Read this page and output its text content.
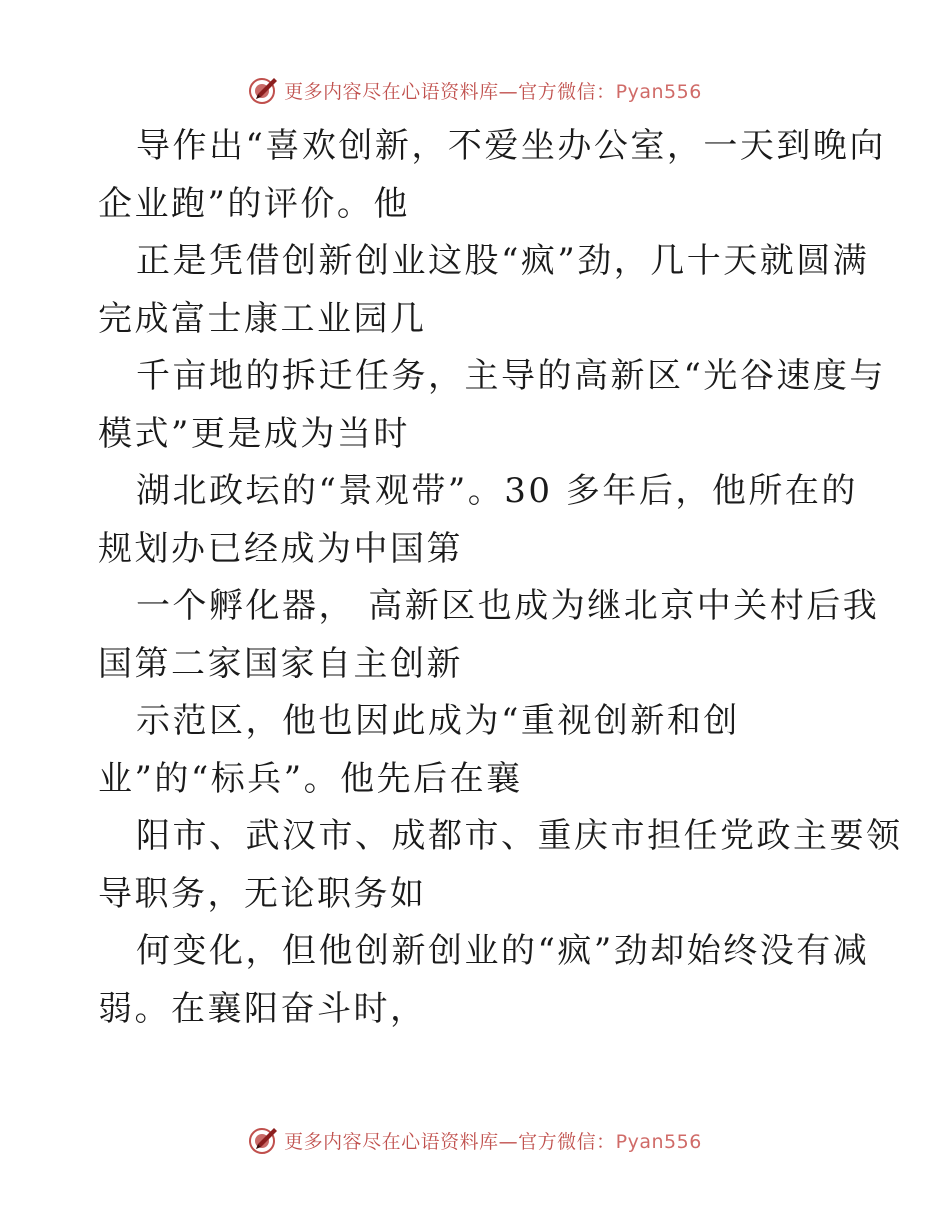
更多内容尽在心语资料库—官方微信：Pyan556

导作出“喜欢创新，不爱坐办公室，一天到晚向
企业跑”的评价。他

正是凭借创新创业这股“疯”劲，几十天就圆满
完成富士康工业园几

千亩地的拆迁任务，主导的高新区“光谷速度与
模式”更是成为当时

湖北政坛的“景观带”。30 多年后，他所在的
规划办已经成为中国第

一个孵化器， 高新区也成为继北京中关村后我
国第二家国家自主创新

示范区，他也因此成为“重视创新和创
业”的“标兵”。他先后在襄

阳市、武汉市、成都市、重庆市担任党政主要领
导职务，无论职务如

何变化，但他创新创业的“疯”劲却始终没有减
弱。在襄阳奋斗时，

更多内容尽在心语资料库—官方微信：Pyan556
